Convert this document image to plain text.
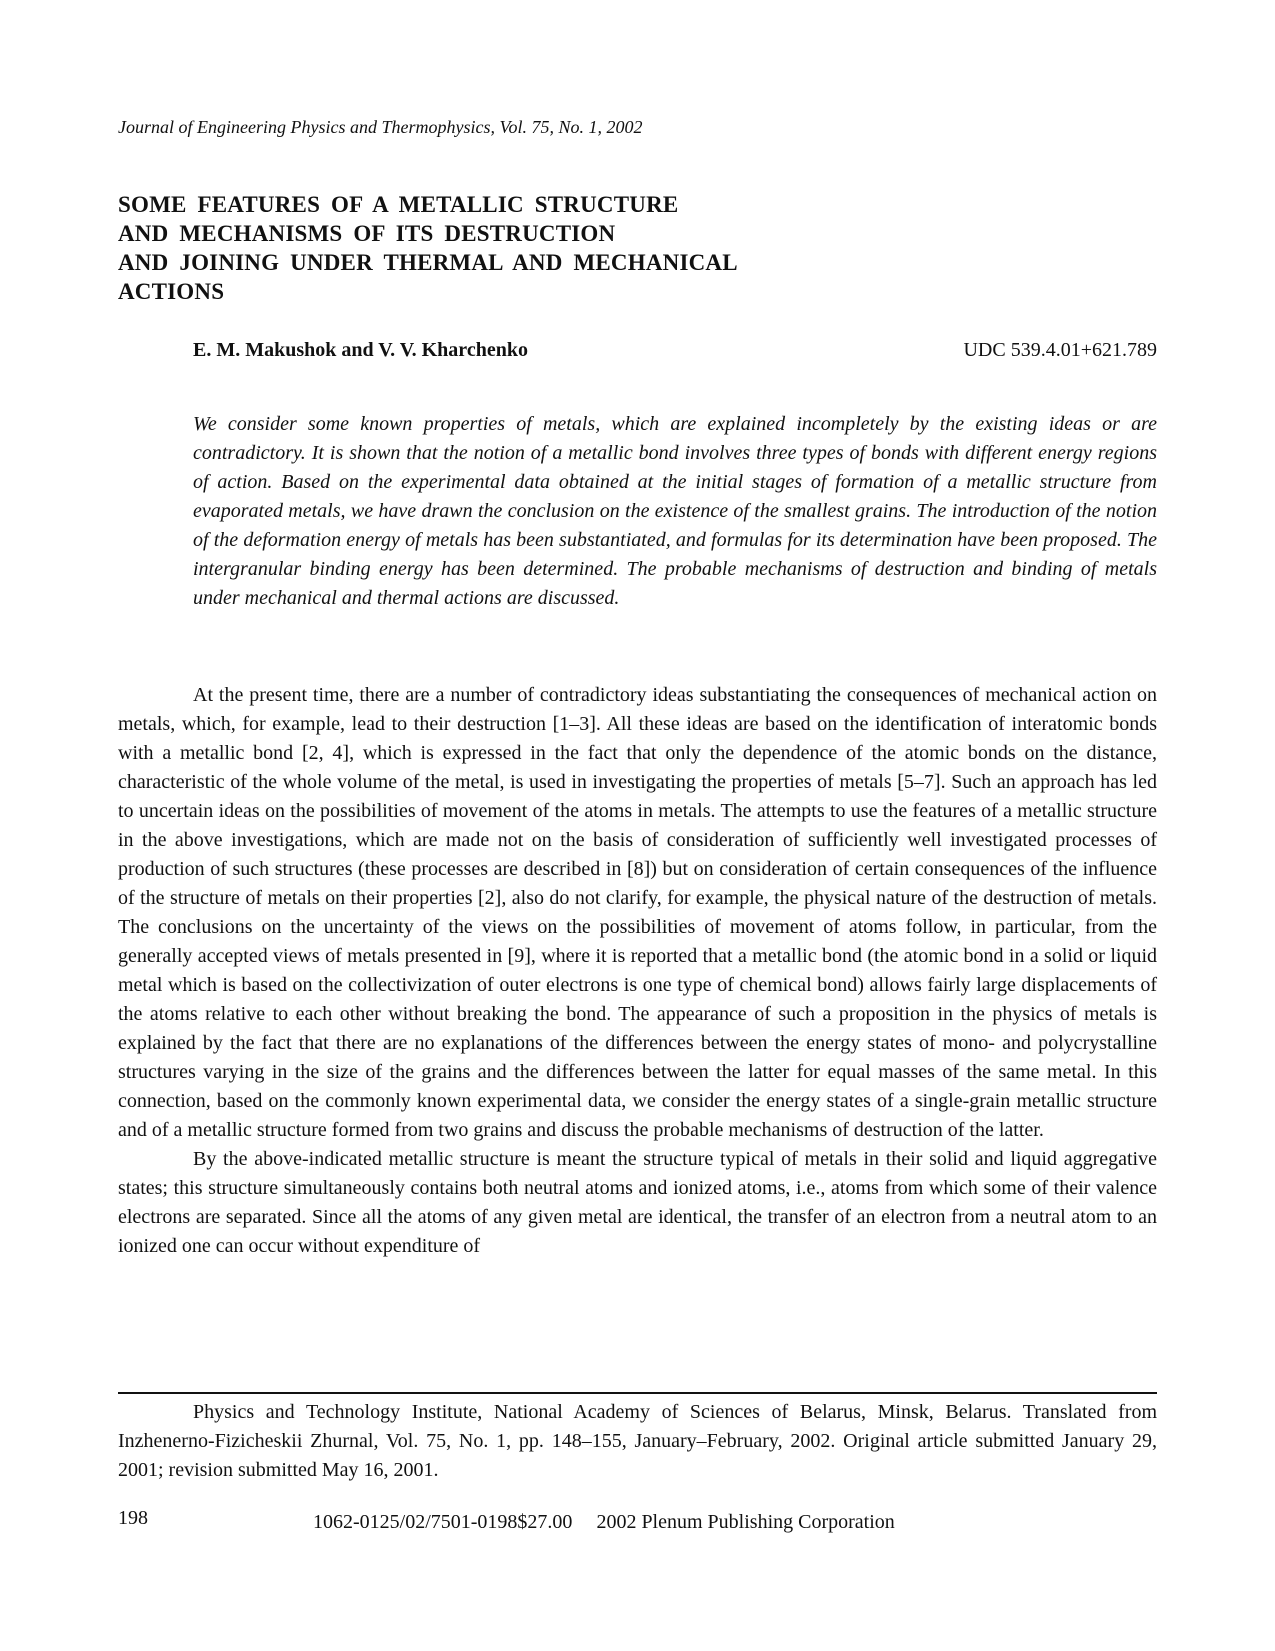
Journal of Engineering Physics and Thermophysics, Vol. 75, No. 1, 2002
SOME FEATURES OF A METALLIC STRUCTURE
AND MECHANISMS OF ITS DESTRUCTION
AND JOINING UNDER THERMAL AND MECHANICAL
ACTIONS
E. M. Makushok and V. V. Kharchenko	UDC 539.4.01+621.789

We consider some known properties of metals, which are explained incompletely by the existing ideas or are contradictory. It is shown that the notion of a metallic bond involves three types of bonds with different energy regions of action. Based on the experimental data obtained at the initial stages of formation of a metallic structure from evaporated metals, we have drawn the conclusion on the existence of the smallest grains. The introduction of the notion of the deformation energy of metals has been substantiated, and formulas for its determination have been proposed. The intergranular binding energy has been determined. The probable mechanisms of destruction and binding of metals under mechanical and thermal actions are discussed.

At the present time, there are a number of contradictory ideas substantiating the consequences of mechanical action on metals, which, for example, lead to their destruction [1–3]. All these ideas are based on the identification of interatomic bonds with a metallic bond [2, 4], which is expressed in the fact that only the dependence of the atomic bonds on the distance, characteristic of the whole volume of the metal, is used in investigating the properties of metals [5–7]. Such an approach has led to uncertain ideas on the possibilities of movement of the atoms in metals. The attempts to use the features of a metallic structure in the above investigations, which are made not on the basis of consideration of sufficiently well investigated processes of production of such structures (these processes are described in [8]) but on consideration of certain consequences of the influence of the structure of metals on their properties [2], also do not clarify, for example, the physical nature of the destruction of metals. The conclusions on the uncertainty of the views on the possibilities of movement of atoms follow, in particular, from the generally accepted views of metals presented in [9], where it is reported that a metallic bond (the atomic bond in a solid or liquid metal which is based on the collectivization of outer electrons is one type of chemical bond) allows fairly large displacements of the atoms relative to each other without breaking the bond. The appearance of such a proposition in the physics of metals is explained by the fact that there are no explanations of the differences between the energy states of mono- and polycrystalline structures varying in the size of the grains and the differences between the latter for equal masses of the same metal. In this connection, based on the commonly known experimental data, we consider the energy states of a single-grain metallic structure and of a metallic structure formed from two grains and discuss the probable mechanisms of destruction of the latter.

By the above-indicated metallic structure is meant the structure typical of metals in their solid and liquid aggregative states; this structure simultaneously contains both neutral atoms and ionized atoms, i.e., atoms from which some of their valence electrons are separated. Since all the atoms of any given metal are identical, the transfer of an electron from a neutral atom to an ionized one can occur without expenditure of

Physics and Technology Institute, National Academy of Sciences of Belarus, Minsk, Belarus. Translated from Inzhenerno-Fizicheskii Zhurnal, Vol. 75, No. 1, pp. 148–155, January–February, 2002. Original article submitted January 29, 2001; revision submitted May 16, 2001.

198	1062-0125/02/7501-0198$27.00 2002 Plenum Publishing Corporation
